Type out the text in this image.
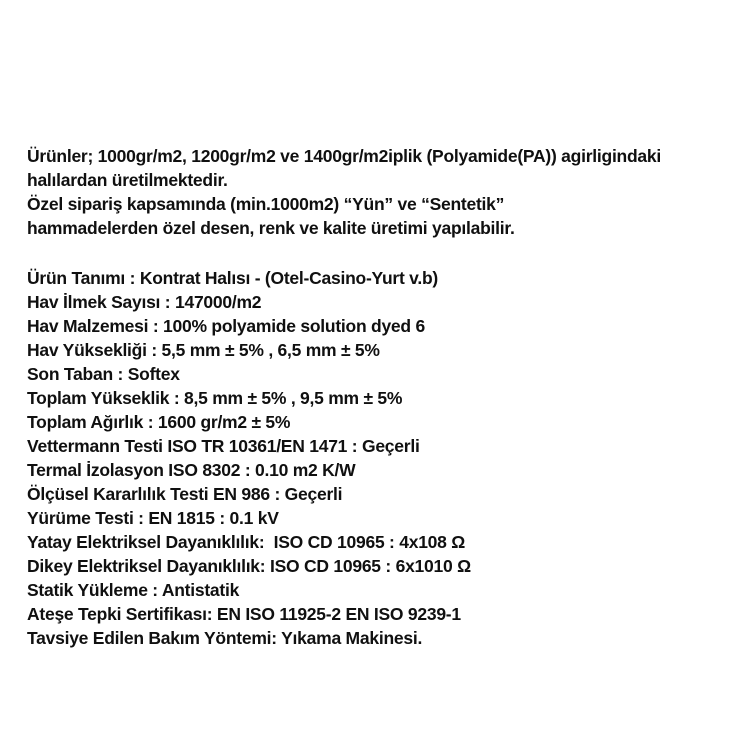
Ürünler; 1000gr/m2, 1200gr/m2 ve 1400gr/m2iplik (Polyamide(PA)) agirligindaki

halılardan üretilmektedir.

Özel sipariş kapsamında (min.1000m2) “Yün” ve “Sentetik”

hammadelerden özel desen, renk ve kalite üretimi yapılabilir.

Ürün Tanımı : Kontrat Halısı - (Otel-Casino-Yurt v.b)

Hav İlmek Sayısı : 147000/m2

Hav Malzemesi : 100% polyamide solution dyed 6

Hav Yüksekliği : 5,5 mm ± 5% , 6,5 mm ± 5%

Son Taban : Softex

Toplam Yükseklik : 8,5 mm ± 5% , 9,5 mm ± 5%

Toplam Ağırlık : 1600 gr/m2 ± 5%

Vettermann Testi ISO TR 10361/EN 1471 : Geçerli

Termal İzolasyon ISO 8302 : 0.10 m2 K/W

Ölçüsel Kararlılık Testi EN 986 : Geçerli

Yürüme Testi : EN 1815 : 0.1 kV

Yatay Elektriksel Dayanıklılık:  ISO CD 10965 : 4x108 Ω

Dikey Elektriksel Dayanıklılık: ISO CD 10965 : 6x1010 Ω

Statik Yükleme : Antistatik

Ateşe Tepki Sertifikası: EN ISO 11925-2 EN ISO 9239-1

Tavsiye Edilen Bakım Yöntemi: Yıkama Makinesi.
